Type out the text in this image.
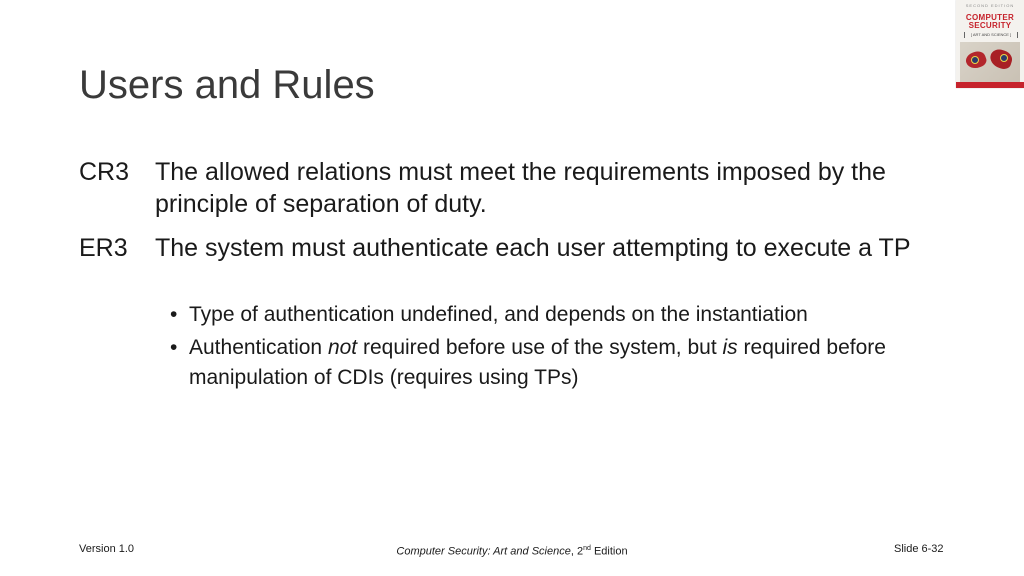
SECOND EDITION
COMPUTER
SECURITY
[ ART AND SCIENCE ]
Users and Rules
CR3 The allowed relations must meet the requirements imposed by the principle of separation of duty.
ER3 The system must authenticate each user attempting to execute a TP
• Type of authentication undefined, and depends on the instantiation
• Authentication not required before use of the system, but is required before manipulation of CDIs (requires using TPs)
Version 1.0	Computer Security: Art and Science, 2nd Edition	Slide 6-32
